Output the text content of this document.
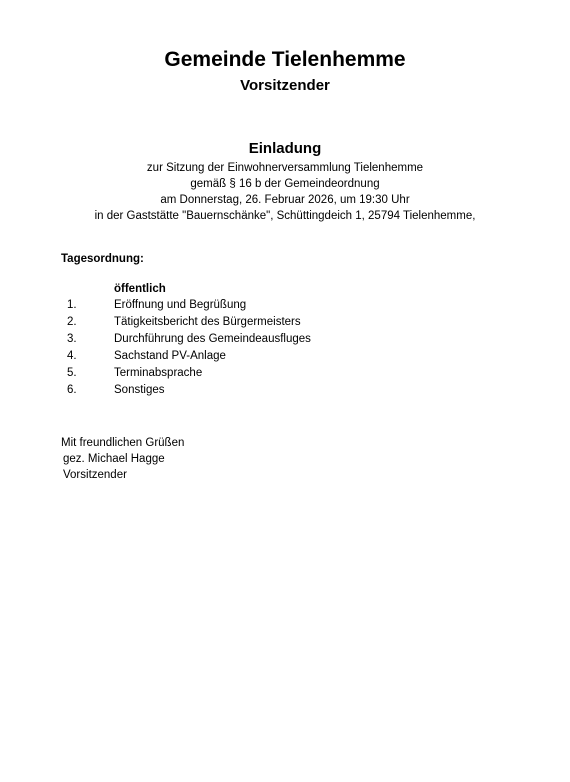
Gemeinde Tielenhemme
Vorsitzender
Einladung
zur Sitzung der Einwohnerversammlung Tielenhemme
gemäß § 16 b der Gemeindeordnung
am Donnerstag, 26. Februar 2026, um 19:30 Uhr
in der Gaststätte "Bauernschänke", Schüttingdeich 1, 25794 Tielenhemme,
Tagesordnung:
öffentlich
1.	Eröffnung und Begrüßung
2.	Tätigkeitsbericht des Bürgermeisters
3.	Durchführung des Gemeindeausfluges
4.	Sachstand PV-Anlage
5.	Terminabsprache
6.	Sonstiges
Mit freundlichen Grüßen
gez. Michael Hagge
Vorsitzender
